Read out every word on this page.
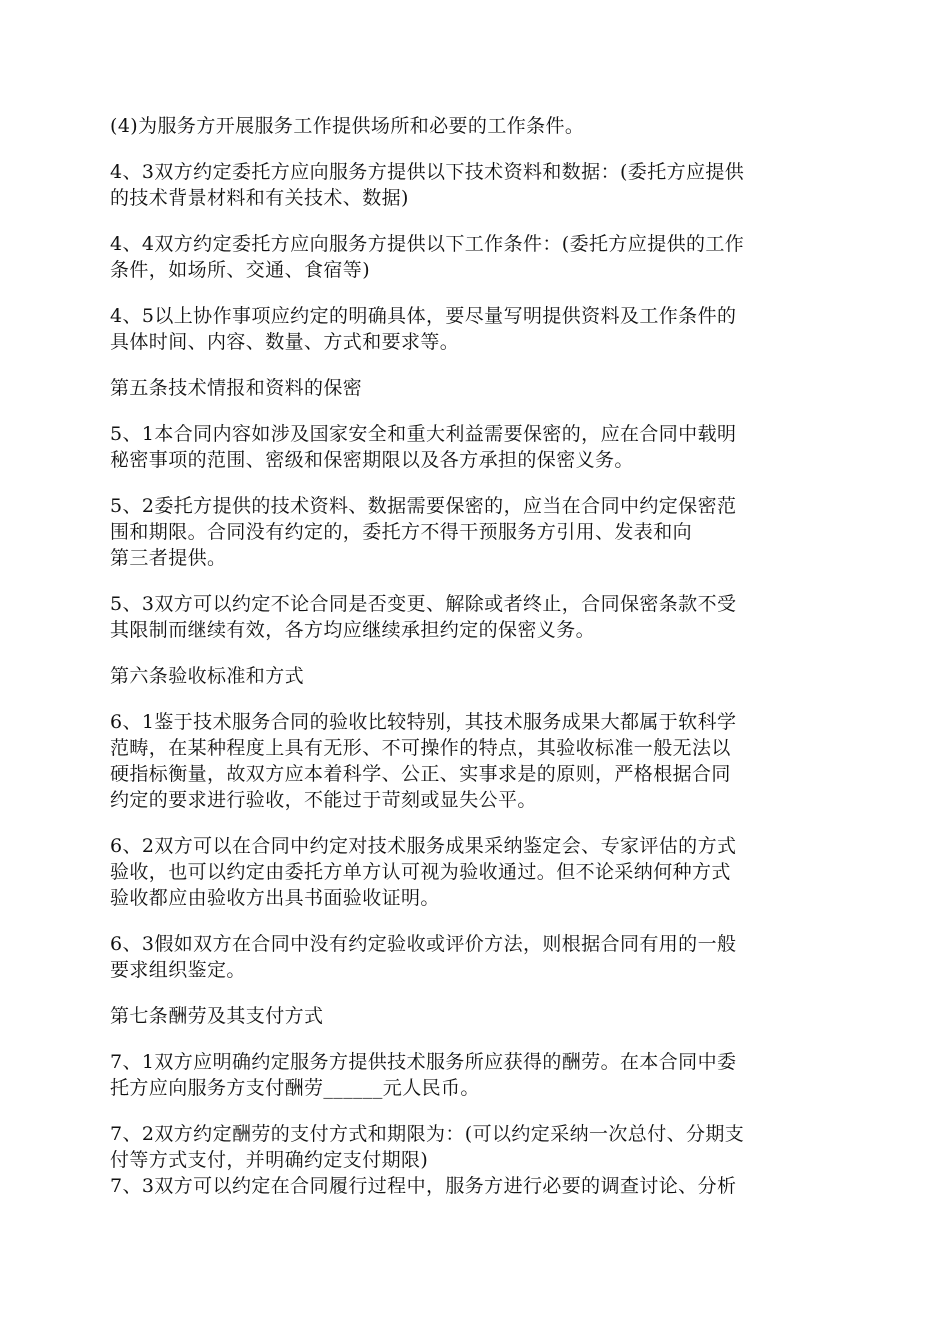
(4)为服务方开展服务工作提供场所和必要的工作条件。
4、3双方约定委托方应向服务方提供以下技术资料和数据：(委托方应提供
的技术背景材料和有关技术、数据)
4、4双方约定委托方应向服务方提供以下工作条件：(委托方应提供的工作
条件，如场所、交通、食宿等)
4、5以上协作事项应约定的明确具体，要尽量写明提供资料及工作条件的
具体时间、内容、数量、方式和要求等。
第五条技术情报和资料的保密
5、1本合同内容如涉及国家安全和重大利益需要保密的，应在合同中载明
秘密事项的范围、密级和保密期限以及各方承担的保密义务。
5、2委托方提供的技术资料、数据需要保密的，应当在合同中约定保密范
围和期限。合同没有约定的，委托方不得干预服务方引用、发表和向
第三者提供。
5、3双方可以约定不论合同是否变更、解除或者终止，合同保密条款不受
其限制而继续有效，各方均应继续承担约定的保密义务。
第六条验收标准和方式
6、1鉴于技术服务合同的验收比较特别，其技术服务成果大都属于软科学
范畴，在某种程度上具有无形、不可操作的特点，其验收标准一般无法以
硬指标衡量，故双方应本着科学、公正、实事求是的原则，严格根据合同
约定的要求进行验收，不能过于苛刻或显失公平。
6、2双方可以在合同中约定对技术服务成果采纳鉴定会、专家评估的方式
验收，也可以约定由委托方单方认可视为验收通过。但不论采纳何种方式
验收都应由验收方出具书面验收证明。
6、3假如双方在合同中没有约定验收或评价方法，则根据合同有用的一般
要求组织鉴定。
第七条酬劳及其支付方式
7、1双方应明确约定服务方提供技术服务所应获得的酬劳。在本合同中委
托方应向服务方支付酬劳______元人民币。
7、2双方约定酬劳的支付方式和期限为：(可以约定采纳一次总付、分期支
付等方式支付，并明确约定支付期限)
7、3双方可以约定在合同履行过程中，服务方进行必要的调查讨论、分析
